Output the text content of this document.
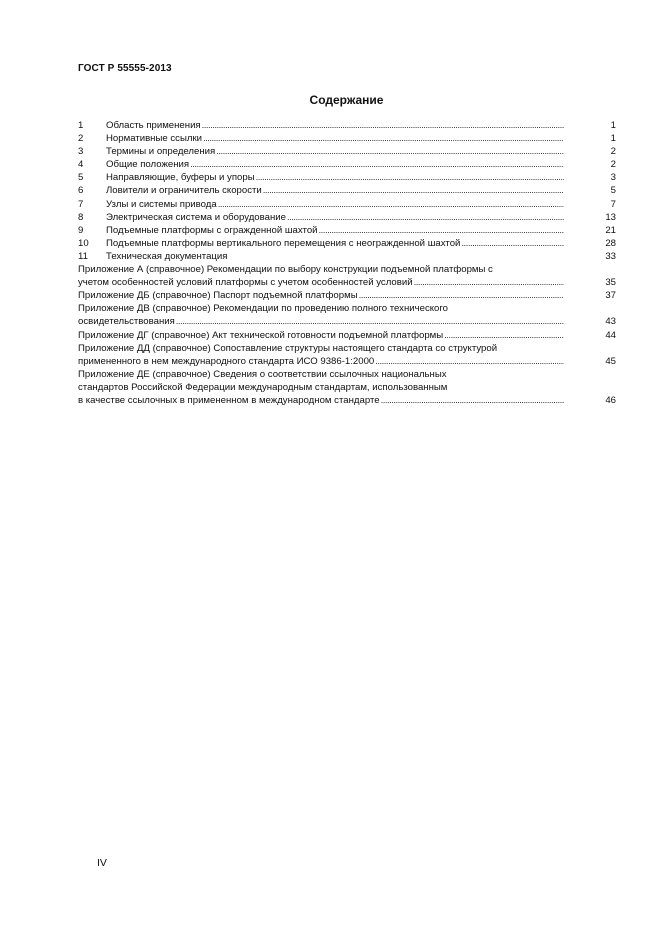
ГОСТ Р 55555-2013
Содержание
1	Область применения . . .	1
2	Нормативные ссылки . . .	1
3	Термины и определения . . .	2
4	Общие положения . . .	2
5	Направляющие, буферы и упоры . . .	3
6	Ловители и ограничитель скорости . . .	5
7	Узлы и системы привода . . .	7
8	Электрическая система и оборудование . . .	13
9	Подъемные платформы с огражденной шахтой . . .	21
10	Подъемные платформы вертикального перемещения с неогражденной шахтой . . .	28
11	Техническая документация	33
Приложение А (справочное) Рекомендации по выбору конструкции подъемной платформы с
учетом особенностей условий платформы с учетом особенностей условий . . .	35
Приложение ДБ (справочное) Паспорт подъемной платформы . . .	37
Приложение ДВ (справочное) Рекомендации по проведению полного технического
освидетельствования . . .	43
Приложение ДГ (справочное) Акт технической готовности подъемной платформы . . .	44
Приложение ДД (справочное) Сопоставление структуры настоящего стандарта со структурой
примененного в нем международного стандарта ИСО 9386-1:2000 . . .	45
Приложение ДЕ (справочное) Сведения о соответствии ссылочных национальных
стандартов Российской Федерации международным стандартам, использованным
в качестве ссылочных в примененном в международном стандарте . . .	46
IV
